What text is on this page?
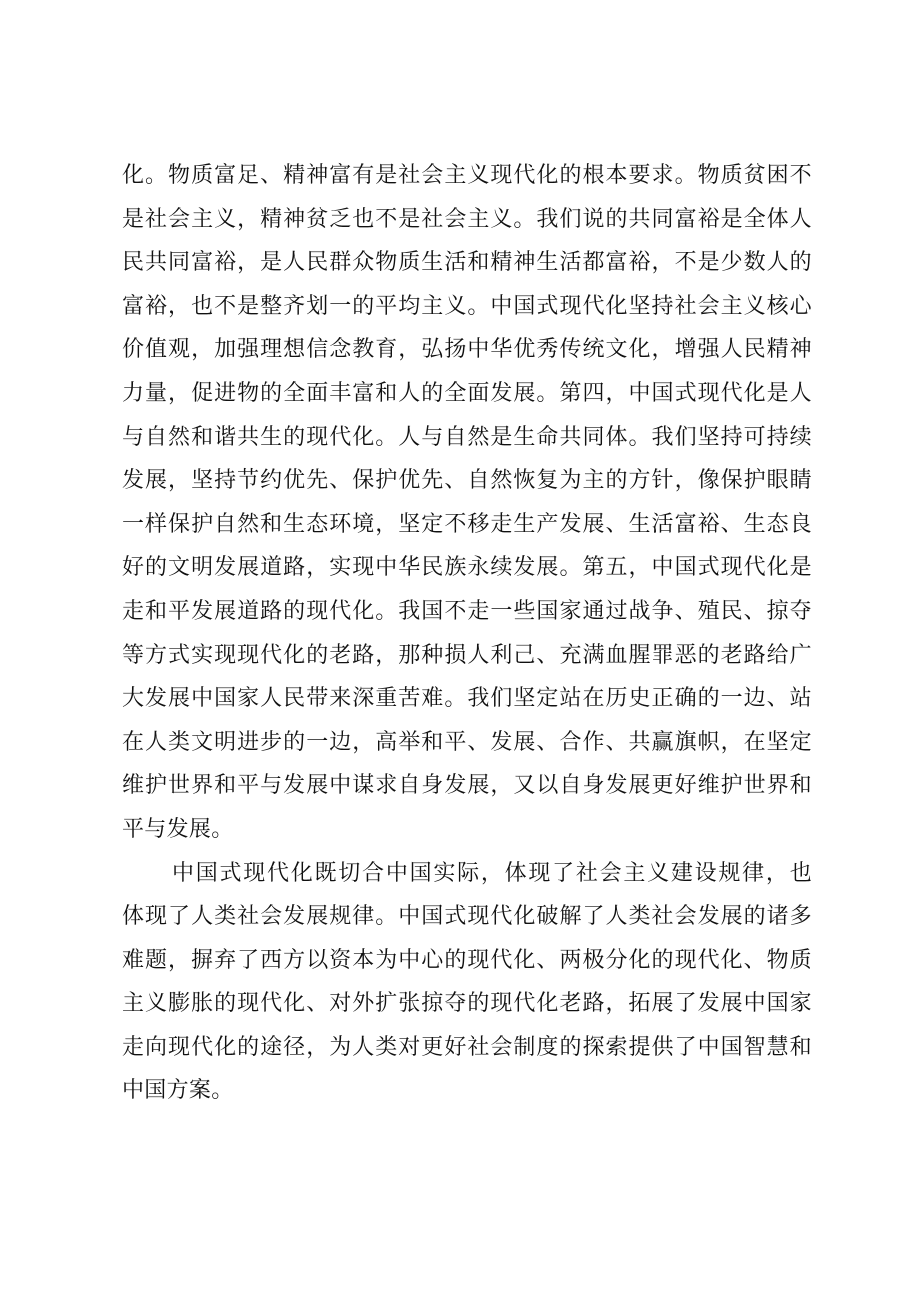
化。物质富足、精神富有是社会主义现代化的根本要求。物质贫困不
是社会主义，精神贫乏也不是社会主义。我们说的共同富裕是全体人
民共同富裕，是人民群众物质生活和精神生活都富裕，不是少数人的
富裕，也不是整齐划一的平均主义。中国式现代化坚持社会主义核心
价值观，加强理想信念教育，弘扬中华优秀传统文化，增强人民精神
力量，促进物的全面丰富和人的全面发展。第四，中国式现代化是人
与自然和谐共生的现代化。人与自然是生命共同体。我们坚持可持续
发展，坚持节约优先、保护优先、自然恢复为主的方针，像保护眼睛
一样保护自然和生态环境，坚定不移走生产发展、生活富裕、生态良
好的文明发展道路，实现中华民族永续发展。第五，中国式现代化是
走和平发展道路的现代化。我国不走一些国家通过战争、殖民、掠夺
等方式实现现代化的老路，那种损人利己、充满血腥罪恶的老路给广
大发展中国家人民带来深重苦难。我们坚定站在历史正确的一边、站
在人类文明进步的一边，高举和平、发展、合作、共赢旗帜，在坚定
维护世界和平与发展中谋求自身发展，又以自身发展更好维护世界和
平与发展。
中国式现代化既切合中国实际，体现了社会主义建设规律，也
体现了人类社会发展规律。中国式现代化破解了人类社会发展的诸多
难题，摒弃了西方以资本为中心的现代化、两极分化的现代化、物质
主义膨胀的现代化、对外扩张掠夺的现代化老路，拓展了发展中国家
走向现代化的途径，为人类对更好社会制度的探索提供了中国智慧和
中国方案。
